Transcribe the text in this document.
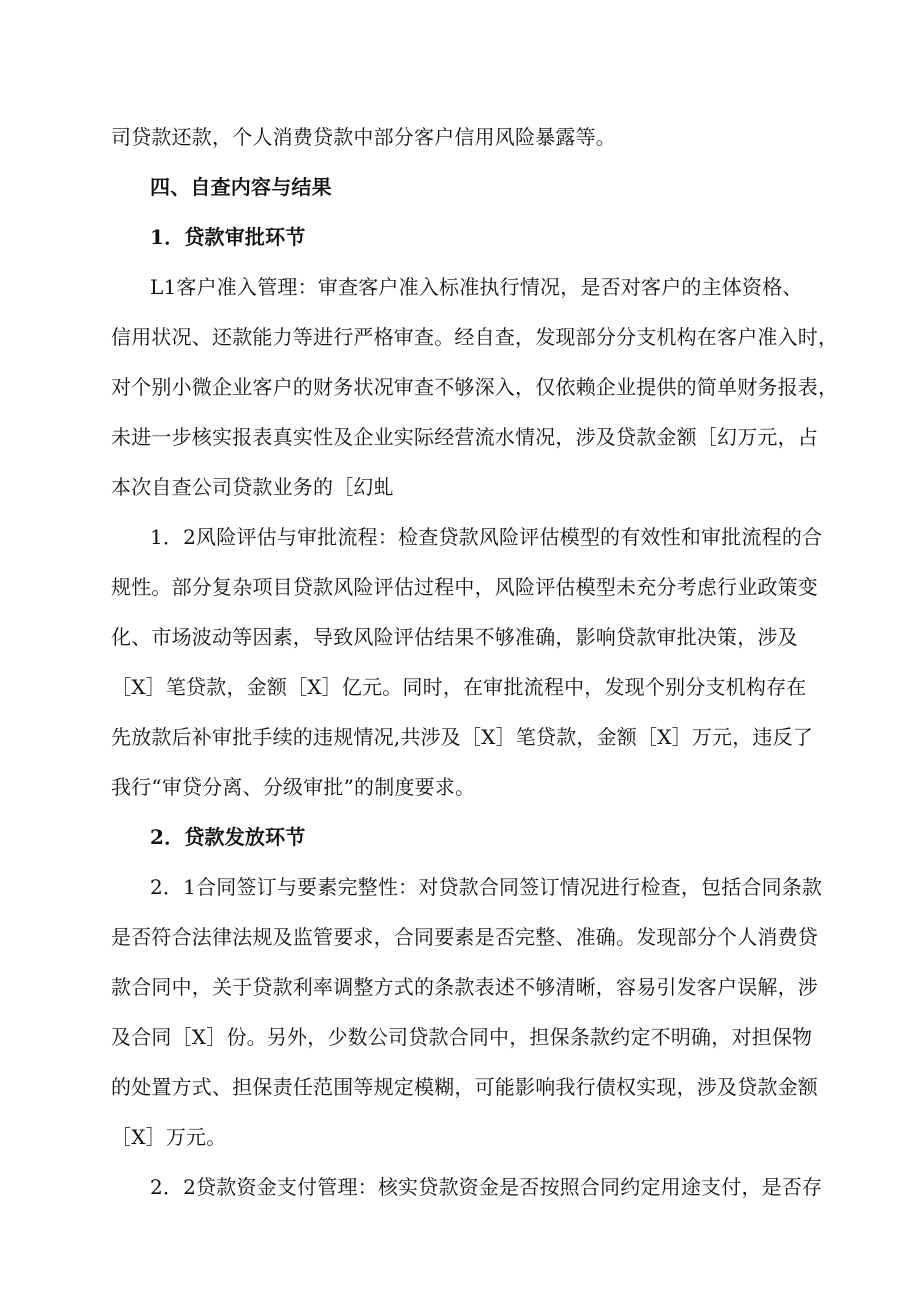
司贷款还款，个人消费贷款中部分客户信用风险暴露等。
四、自查内容与结果
1．贷款审批环节
L1客户准入管理：审查客户准入标准执行情况，是否对客户的主体资格、
信用状况、还款能力等进行严格审查。经自查，发现部分分支机构在客户准入时，
对个别小微企业客户的财务状况审查不够深入，仅依赖企业提供的简单财务报表，
未进一步核实报表真实性及企业实际经营流水情况，涉及贷款金额［幻万元，占
本次自查公司贷款业务的［幻虬
1．2风险评估与审批流程：检查贷款风险评估模型的有效性和审批流程的合
规性。部分复杂项目贷款风险评估过程中，风险评估模型未充分考虑行业政策变
化、市场波动等因素，导致风险评估结果不够准确，影响贷款审批决策，涉及
［X］笔贷款，金额［X］亿元。同时，在审批流程中，发现个别分支机构存在
先放款后补审批手续的违规情况,共涉及［X］笔贷款，金额［X］万元，违反了
我行“审贷分离、分级审批”的制度要求。
2．贷款发放环节
2．1合同签订与要素完整性：对贷款合同签订情况进行检查，包括合同条款
是否符合法律法规及监管要求，合同要素是否完整、准确。发现部分个人消费贷
款合同中，关于贷款利率调整方式的条款表述不够清晰，容易引发客户误解，涉
及合同［X］份。另外，少数公司贷款合同中，担保条款约定不明确，对担保物
的处置方式、担保责任范围等规定模糊，可能影响我行债权实现，涉及贷款金额
［X］万元。
2．2贷款资金支付管理：核实贷款资金是否按照合同约定用途支付，是否存
